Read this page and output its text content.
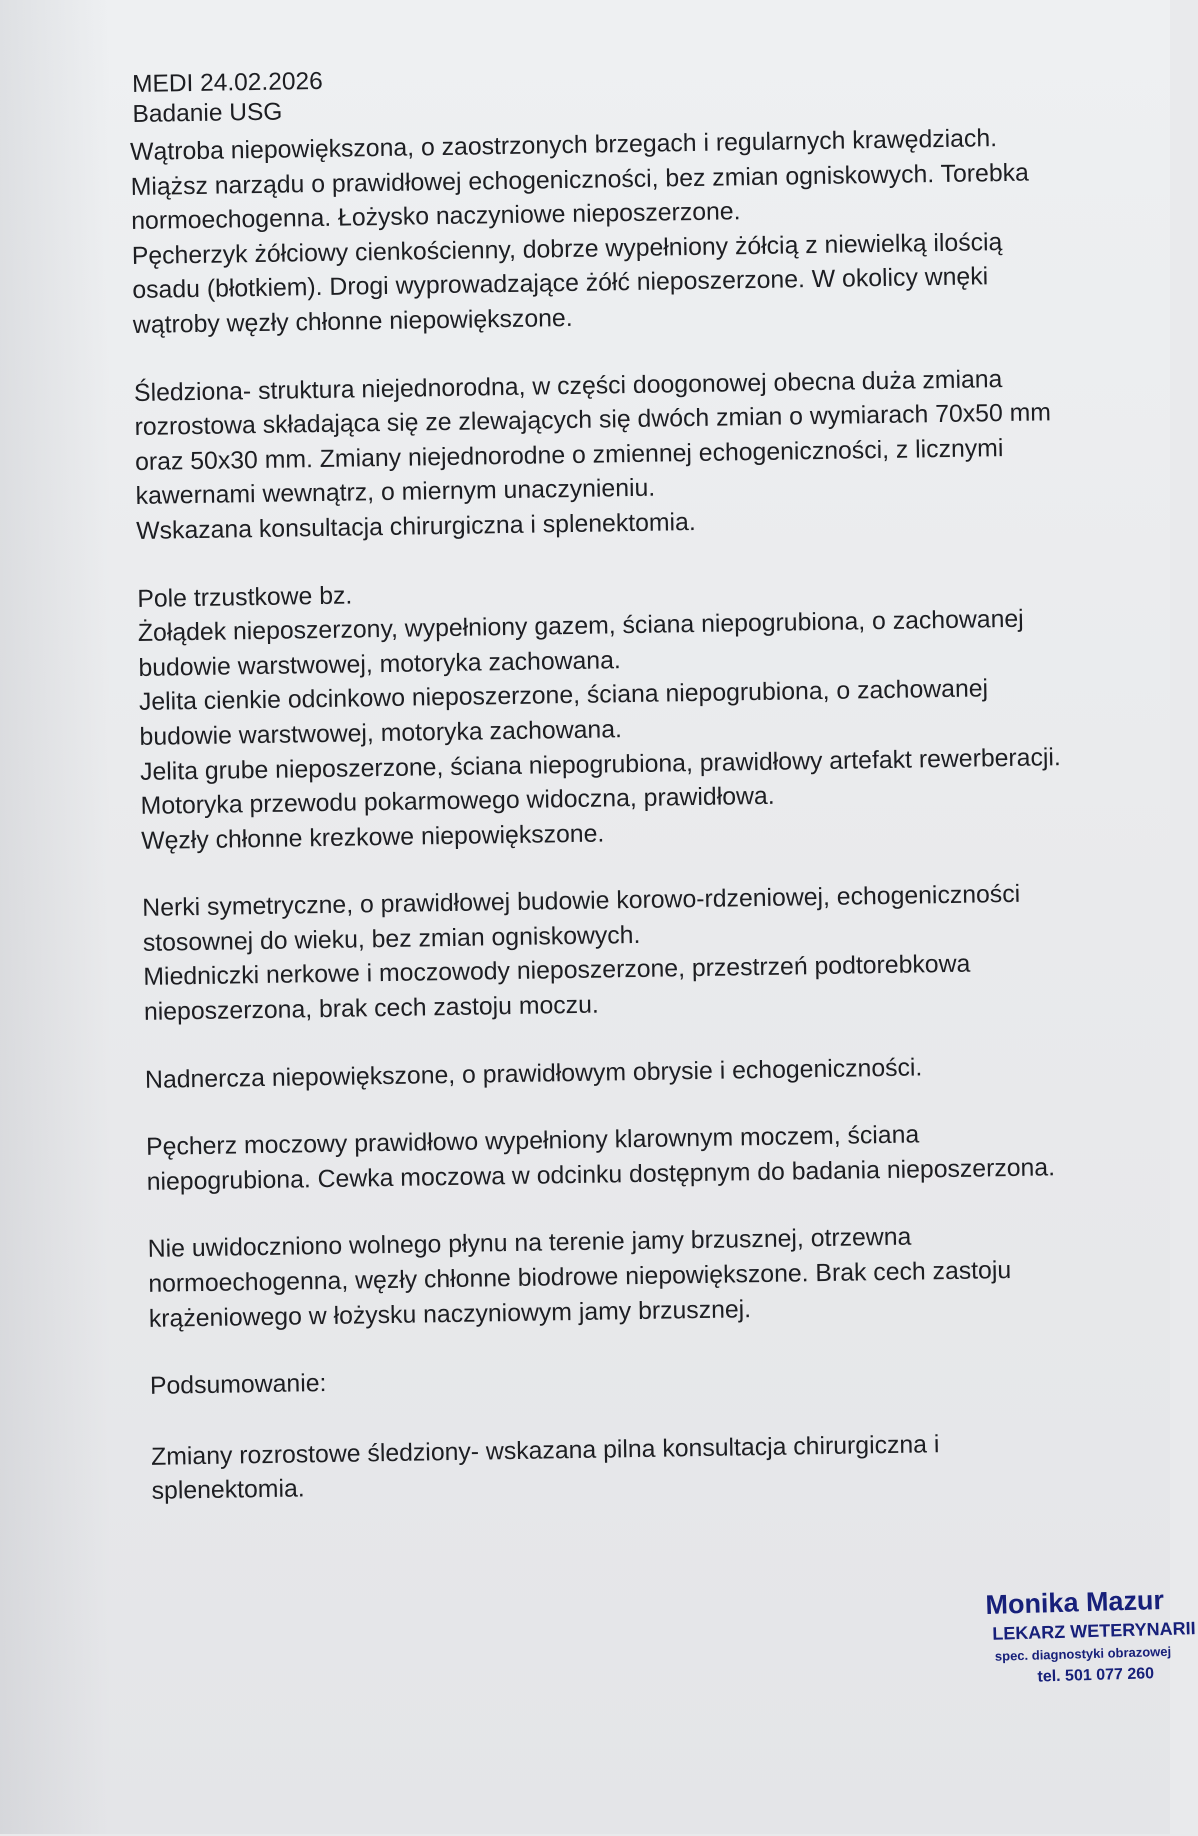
MEDI 24.02.2026
Badanie USG
Wątroba niepowiększona, o zaostrzonych brzegach i regularnych krawędziach.
Miąższ narządu o prawidłowej echogeniczności, bez zmian ogniskowych. Torebka
normoechogenna. Łożysko naczyniowe nieposzerzone.
Pęcherzyk żółciowy cienkościenny, dobrze wypełniony żółcią z niewielką ilością
osadu (błotkiem). Drogi wyprowadzające żółć nieposzerzone. W okolicy wnęki
wątroby węzły chłonne niepowiększone.
Śledziona- struktura niejednorodna, w części doogonowej obecna duża zmiana
rozrostowa składająca się ze zlewających się dwóch zmian o wymiarach 70x50 mm
oraz 50x30 mm. Zmiany niejednorodne o zmiennej echogeniczności, z licznymi
kawernami wewnątrz, o miernym unaczynieniu.
Wskazana konsultacja chirurgiczna i splenektomia.
Pole trzustkowe bz.
Żołądek nieposzerzony, wypełniony gazem, ściana niepogrubiona, o zachowanej
budowie warstwowej, motoryka zachowana.
Jelita cienkie odcinkowo nieposzerzone, ściana niepogrubiona, o zachowanej
budowie warstwowej, motoryka zachowana.
Jelita grube nieposzerzone, ściana niepogrubiona, prawidłowy artefakt rewerberacji.
Motoryka przewodu pokarmowego widoczna, prawidłowa.
Węzły chłonne krezkowe niepowiększone.
Nerki symetryczne, o prawidłowej budowie korowo-rdzeniowej, echogeniczności
stosownej do wieku, bez zmian ogniskowych.
Miedniczki nerkowe i moczowody nieposzerzone, przestrzeń podtorebkowa
nieposzerzona, brak cech zastoju moczu.
Nadnercza niepowiększone, o prawidłowym obrysie i echogeniczności.
Pęcherz moczowy prawidłowo wypełniony klarownym moczem, ściana
niepogrubiona. Cewka moczowa w odcinku dostępnym do badania nieposzerzona.
Nie uwidoczniono wolnego płynu na terenie jamy brzusznej, otrzewna
normoechogenna, węzły chłonne biodrowe niepowiększone. Brak cech zastoju
krążeniowego w łożysku naczyniowym jamy brzusznej.
Podsumowanie:
Zmiany rozrostowe śledziony- wskazana pilna konsultacja chirurgiczna i
splenektomia.
Monika Mazur
LEKARZ WETERYNARII
spec. diagnostyki obrazowej
tel. 501 077 260
